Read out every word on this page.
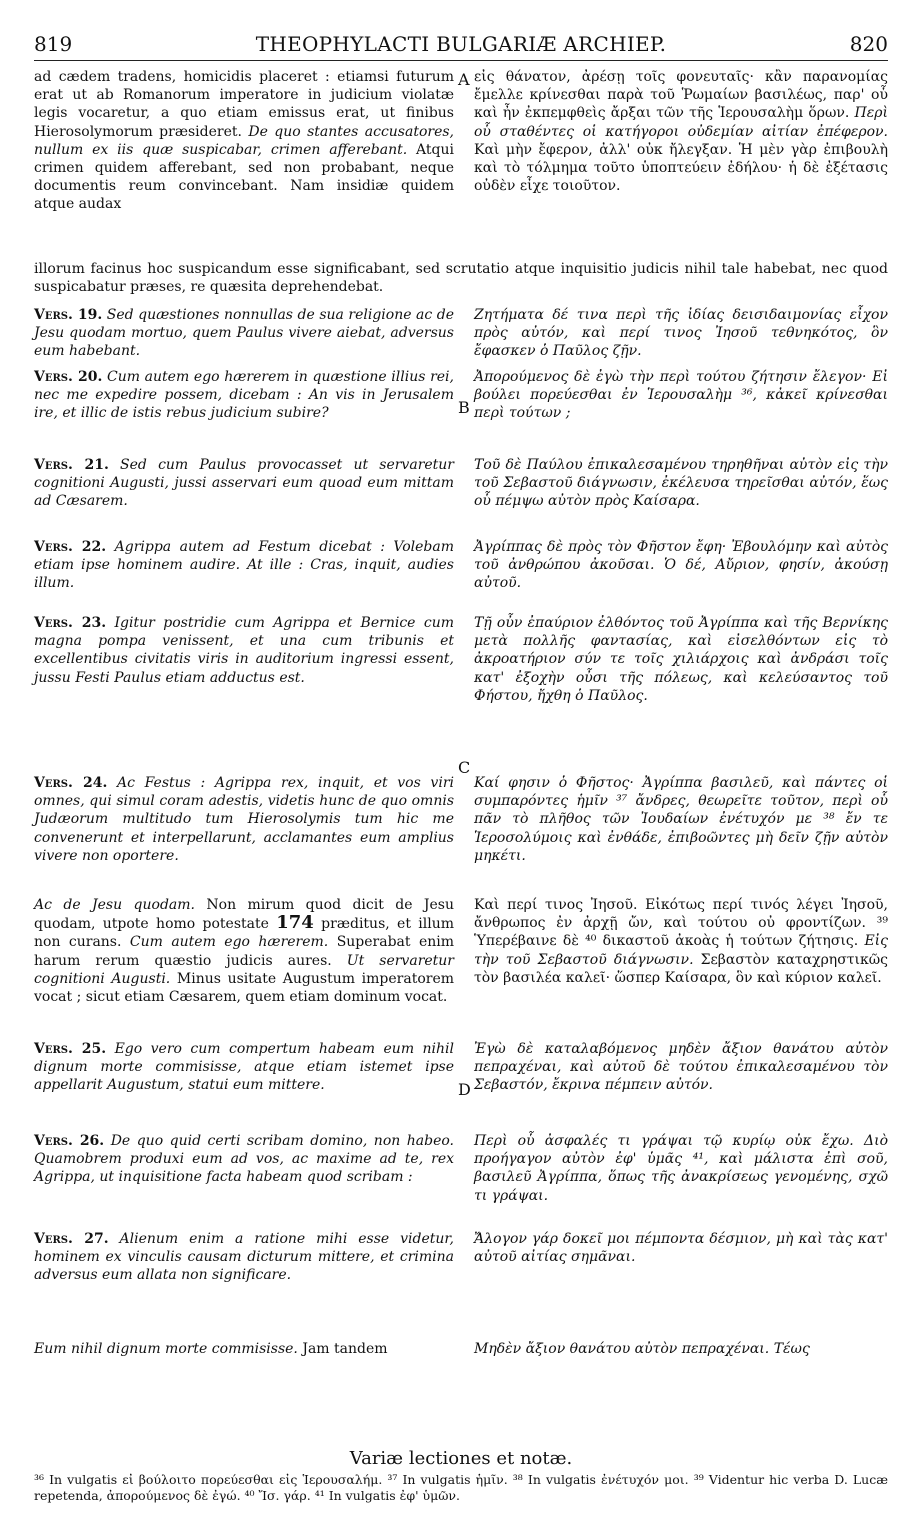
819	THEOPHYLACTI BULGARIÆ ARCHIEP.	820

ad cædem tradens, homicidis placeret : etiamsi futurum erat ut ab Romanorum imperatore in judicium violatæ legis vocaretur, a quo etiam emissus erat, ut finibus Hierosolymorum præsideret. De quo stantes accusatores, nullum ex iis quæ suspicabar, crimen afferebant. Atqui crimen quidem afferebant, sed non probabant, neque documentis reum convincebant. Nam insidiæ quidem atque audax

A εἰς θάνατον, ἀρέσῃ τοῖς φονευταῖς· κἂν παρανομίας ἔμελλε κρίνεσθαι παρὰ τοῦ Ῥωμαίων βασιλέως, παρ' οὗ καὶ ἦν ἐκπεμφθεὶς ἄρξαι τῶν τῆς Ἱερουσαλὴμ ὅρων. Περὶ οὗ σταθέντες οἱ κατήγοροι οὐδεμίαν αἰτίαν ἐπέφερον. Καὶ μὴν ἔφερον, ἀλλ' οὐκ ἤλεγξαν. Ἡ μὲν γὰρ ἐπιβουλὴ καὶ τὸ τόλμημα τοῦτο ὑποπτεύειν ἐδήλου· ἡ δὲ ἐξέτασις οὐδὲν εἶχε τοιοῦτον.

illorum facinus hoc suspicandum esse significabant, sed scrutatio atque inquisitio judicis nihil tale habebat, nec quod suspicabatur præses, re quæsita deprehendebat.

Vers. 19. Sed quæstiones nonnullas de sua religione ac de Jesu quodam mortuo, quem Paulus vivere aiebat, adversus eum habebant.

Ζητήματα δέ τινα περὶ τῆς ἰδίας δεισιδαιμονίας εἶχον πρὸς αὐτόν, καὶ περί τινος Ἰησοῦ τεθνηκότος, ὃν ἔφασκεν ὁ Παῦλος ζῇν.

Vers. 20. Cum autem ego hærerem in quæstione illius rei, nec me expedire possem, dicebam : An vis in Jerusalem ire, et illic de istis rebus judicium subire?	B

Ἀπορούμενος δὲ ἐγὼ τὴν περὶ τούτου ζήτησιν ἔλεγον· Εἰ βούλει πορεύεσθαι ἐν Ἱερουσαλὴμ ³⁶, κἀκεῖ κρίνεσθαι περὶ τούτων ;

Vers. 21. Sed cum Paulus provocasset ut servaretur cognitioni Augusti, jussi asservari eum quoad eum mittam ad Cæsarem.

Τοῦ δὲ Παύλου ἐπικαλεσαμένου τηρηθῆναι αὐτὸν εἰς τὴν τοῦ Σεβαστοῦ διάγνωσιν, ἐκέλευσα τηρεῖσθαι αὐτόν, ἕως οὗ πέμψω αὐτὸν πρὸς Καίσαρα.

Vers. 22. Agrippa autem ad Festum dicebat : Volebam etiam ipse hominem audire. At ille : Cras, inquit, audies illum.

Ἀγρίππας δὲ πρὸς τὸν Φῆστον ἔφη· Ἐβουλόμην καὶ αὐτὸς τοῦ ἀνθρώπου ἀκοῦσαι. Ὁ δέ, Αὔριον, φησίν, ἀκούσῃ αὐτοῦ.

Vers. 23. Igitur postridie cum Agrippa et Bernice cum magna pompa venissent, et una cum tribunis et excellentibus civitatis viris in auditorium ingressi essent, jussu Festi Paulus etiam adductus est.

Τῇ οὖν ἐπαύριον ἐλθόντος τοῦ Ἀγρίππα καὶ τῆς Βερνίκης μετὰ πολλῆς φαντασίας, καὶ εἰσελθόντων εἰς τὸ ἀκροατήριον σύν τε τοῖς χιλιάρχοις καὶ ἀνδράσι τοῖς κατ' ἐξοχὴν οὖσι τῆς πόλεως, καὶ κελεύσαντος τοῦ Φήστου, ἤχθη ὁ Παῦλος.

C

Vers. 24. Ac Festus : Agrippa rex, inquit, et vos viri omnes, qui simul coram adestis, videtis hunc de quo omnis Judæorum multitudo tum Hierosolymis tum hic me convenerunt et interpellarunt, acclamantes eum amplius vivere non oportere.

Καί φησιν ὁ Φῆστος· Ἀγρίππα βασιλεῦ, καὶ πάντες οἱ συμπαρόντες ἡμῖν ³⁷ ἄνδρες, θεωρεῖτε τοῦτον, περὶ οὗ πᾶν τὸ πλῆθος τῶν Ἰουδαίων ἐνέτυχόν με ³⁸ ἔν τε Ἱεροσολύμοις καὶ ἐνθάδε, ἐπιβοῶντες μὴ δεῖν ζῇν αὐτὸν μηκέτι.

Ac de Jesu quodam. Non mirum quod dicit de Jesu quodam, utpote homo potestate 174 præditus, et illum non curans. Cum autem ego hærerem. Superabat enim harum rerum quæstio judicis aures. Ut servaretur cognitioni Augusti. Minus usitate Augustum imperatorem vocat ; sicut etiam Cæsarem, quem etiam dominum vocat.

Καὶ περί τινος Ἰησοῦ. Εἰκότως περί τινός λέγει Ἰησοῦ, ἄνθρωπος ἐν ἀρχῇ ὤν, καὶ τούτου οὐ φροντίζων. ³⁹ Ὑπερέβαινε δὲ ⁴⁰ δικαστοῦ ἀκοὰς ἡ τούτων ζήτησις. Εἰς τὴν τοῦ Σεβαστοῦ διάγνωσιν. Σεβαστὸν καταχρηστικῶς τὸν βασιλέα καλεῖ· ὥσπερ Καίσαρα, ὃν καὶ κύριον καλεῖ.

Vers. 25. Ego vero cum compertum habeam eum nihil dignum morte commisisse, atque etiam istemet ipse appellarit Augustum, statui eum mittere.	D

Ἐγὼ δὲ καταλαβόμενος μηδὲν ἄξιον θανάτου αὐτὸν πεπραχέναι, καὶ αὐτοῦ δὲ τούτου ἐπικαλεσαμένου τὸν Σεβαστόν, ἔκρινα πέμπειν αὐτόν.

Vers. 26. De quo quid certi scribam domino, non habeo. Quamobrem produxi eum ad vos, ac maxime ad te, rex Agrippa, ut inquisitione facta habeam quod scribam :

Περὶ οὗ ἀσφαλές τι γράψαι τῷ κυρίῳ οὐκ ἔχω. Διὸ προήγαγον αὐτὸν ἐφ' ὑμᾶς ⁴¹, καὶ μάλιστα ἐπὶ σοῦ, βασιλεῦ Ἀγρίππα, ὅπως τῆς ἀνακρίσεως γενομένης, σχῶ τι γράψαι.

Vers. 27. Alienum enim a ratione mihi esse videtur, hominem ex vinculis causam dicturum mittere, et crimina adversus eum allata non significare.

Ἄλογον γάρ δοκεῖ μοι πέμποντα δέσμιον, μὴ καὶ τὰς κατ' αὐτοῦ αἰτίας σημᾶναι.

Eum nihil dignum morte commisisse. Jam tandem	Μηδὲν ἄξιον θανάτου αὐτὸν πεπραχέναι. Τέως

Variæ lectiones et notæ.
³⁶ In vulgatis εἰ βούλοιτο πορεύεσθαι εἰς Ἱερουσαλήμ. ³⁷ In vulgatis ἡμῖν. ³⁸ In vulgatis ἐνέτυχόν μοι. ³⁹ Videntur hic verba D. Lucæ repetenda, ἀπορούμενος δὲ ἐγώ. ⁴⁰ Ἴσ. γάρ. ⁴¹ In vulgatis ἐφ' ὑμῶν.
